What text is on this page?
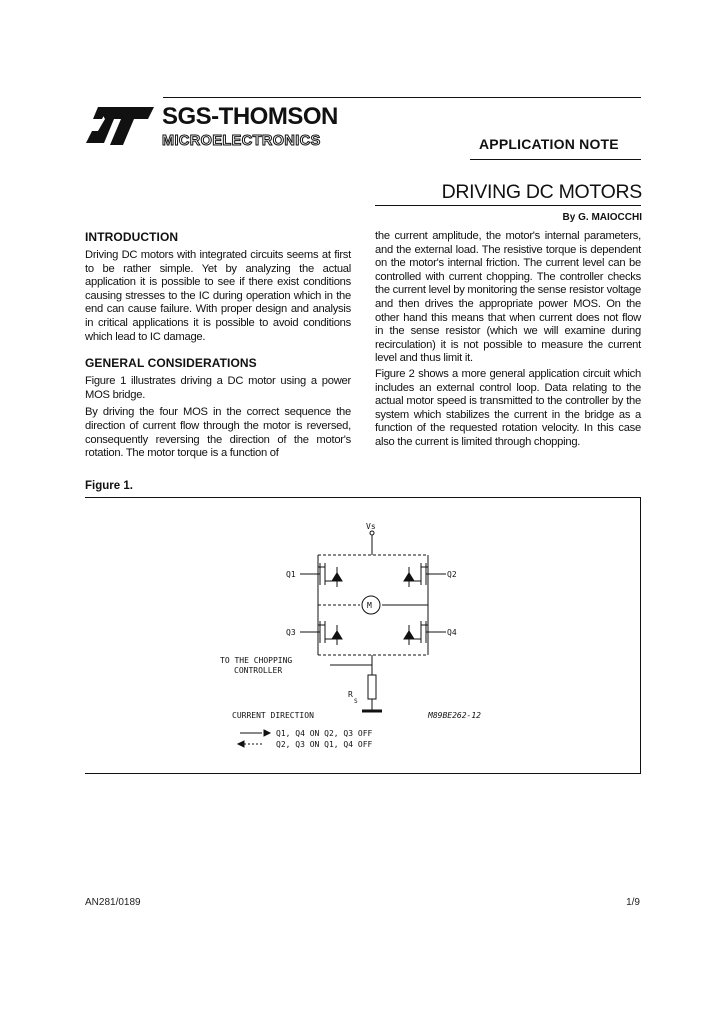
SGS-THOMSON
MICROELECTRONICS	APPLICATION NOTE
DRIVING DC MOTORS
By G. MAIOCCHI
INTRODUCTION

Driving DC motors with integrated circuits seems at first to be rather simple. Yet by analyzing the actual application it is possible to see if there exist conditions causing stresses to the IC during operation which in the end can cause failure. With proper design and analysis in critical applications it is possible to avoid conditions which lead to IC damage.

GENERAL CONSIDERATIONS

Figure 1 illustrates driving a DC motor using a power MOS bridge.

By driving the four MOS in the correct sequence the direction of current flow through the motor is reversed, consequently reversing the direction of the motor's rotation. The motor torque is a function of

the current amplitude, the motor's internal parameters, and the external load. The resistive torque is dependent on the motor's internal friction. The current level can be controlled with current chopping. The controller checks the current level by monitoring the sense resistor voltage and then drives the appropriate power MOS. On the other hand this means that when current does not flow in the sense resistor (which we will examine during recirculation) it is not possible to measure the current level and thus limit it.

Figure 2 shows a more general application circuit which includes an external control loop. Data relating to the actual motor speed is transmitted to the controller by the system which stabilizes the current in the bridge as a function of the requested rotation velocity. In this case also the current is limited through chopping.

Figure 1.
Vs
Q1	Q2
Q3	Q4
M
TO THE CHOPPING
CONTROLLER
R
S
CURRENT DIRECTION	M89BE262-12
Q1, Q4 ON Q2, Q3 OFF
Q2, Q3 ON Q1, Q4 OFF
AN281/0189	1/9
